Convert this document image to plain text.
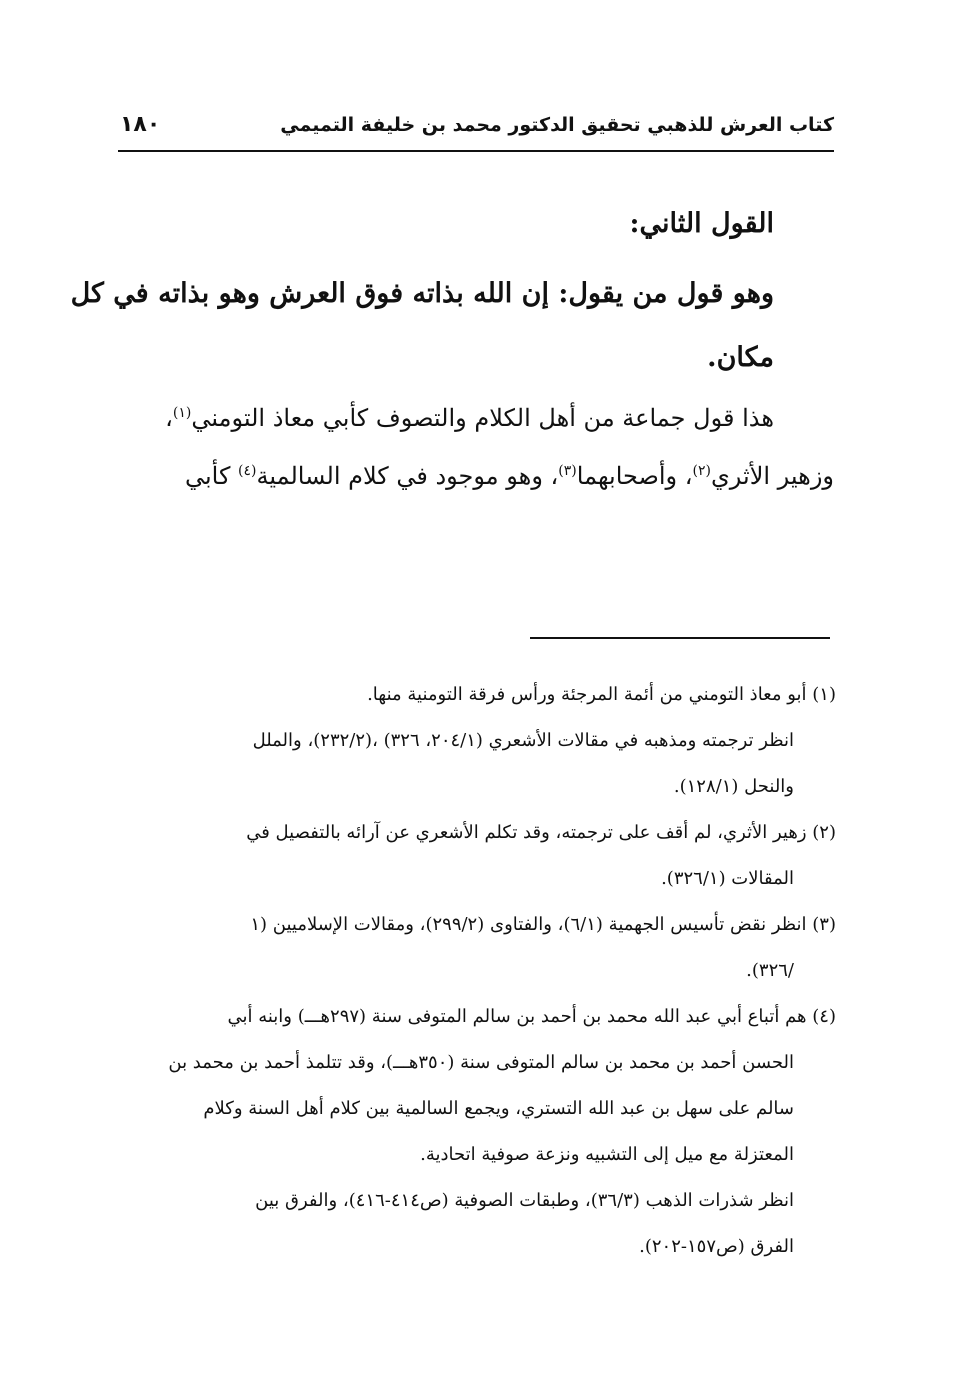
كتاب العرش للذهبي تحقيق الدكتور محمد بن خليفة التميمي
١٨٠
القول الثاني:
وهو قول من يقول: إن الله بذاته فوق العرش وهو بذاته في كل
مكان.
هذا قول جماعة من أهل الكلام والتصوف كأبي معاذ التومني$^{(١)}$،
وزهير الأثري$^{(٢)}$، وأصحابهما$^{(٣)}$، وهو موجود في كلام السالمية$^{(٤)}$ كأبي
(١) أبو معاذ التومني من أئمة المرجئة ورأس فرقة التومنية منها.
انظر ترجمته ومذهبه في مقالات الأشعري (٢٠٤/١، ٣٢٦) ،(٢٣٢/٢)، والملل
والنحل (١٢٨/١).
(٢) زهير الأثري، لم أقف على ترجمته، وقد تكلم الأشعري عن آرائه بالتفصيل في
المقالات (٣٢٦/١).
(٣) انظر نقض تأسيس الجهمية (٦/١)، والفتاوى (٢٩٩/٢)، ومقالات الإسلاميين (١
/٣٢٦).
(٤) هم أتباع أبي عبد الله محمد بن أحمد بن سالم المتوفى سنة (٢٩٧هـــ) وابنه أبي
الحسن أحمد بن محمد بن سالم المتوفى سنة (٣٥٠هـــ)، وقد تتلمذ أحمد بن محمد بن
سالم على سهل بن عبد الله التستري، ويجمع السالمية بين كلام أهل السنة وكلام
المعتزلة مع ميل إلى التشبيه ونزعة صوفية اتحادية.
انظر شذرات الذهب (٣٦/٣)، وطبقات الصوفية (ص٤١٤-٤١٦)، والفرق بين
الفرق (ص١٥٧-٢٠٢).
